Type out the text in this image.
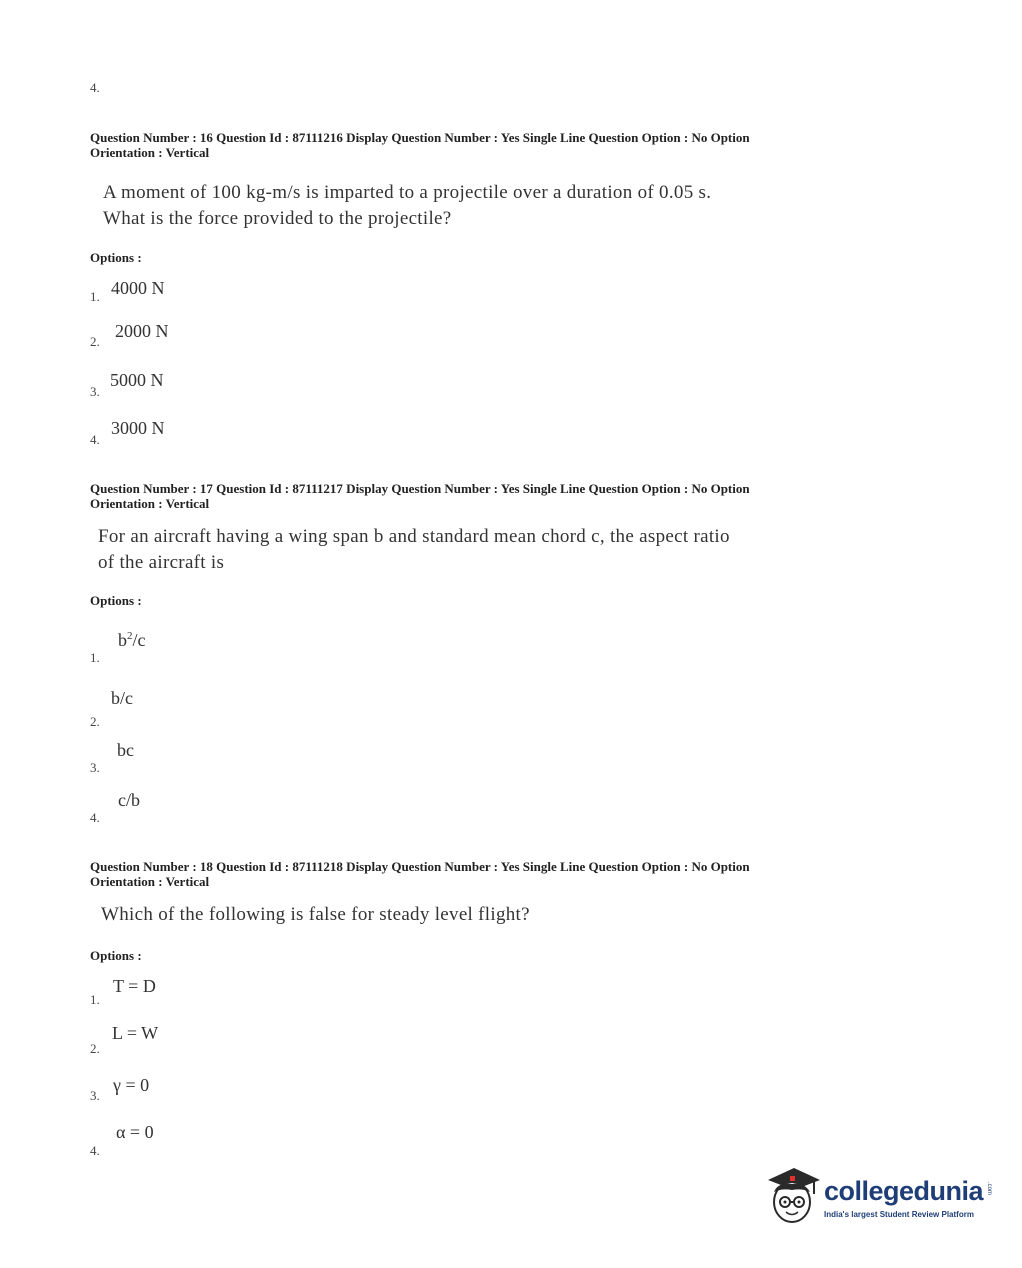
4.
Question Number : 16 Question Id : 87111216 Display Question Number : Yes Single Line Question Option : No Option
Orientation : Vertical
A moment of 100 kg-m/s is imparted to a projectile over a duration of 0.05 s.
What is the force provided to the projectile?
Options :
1. 4000 N
2.
2000 N
3.
5000 N
4.
3000 N
Question Number : 17 Question Id : 87111217 Display Question Number : Yes Single Line Question Option : No Option
Orientation : Vertical
For an aircraft having a wing span b and standard mean chord c, the aspect ratio
of the aircraft is
Options :
1.
$b^2/c$
2.
b/c
3.
bc
4.
c/b
Question Number : 18 Question Id : 87111218 Display Question Number : Yes Single Line Question Option : No Option
Orientation : Vertical
Which of the following is false for steady level flight?
Options :
1.
T = D
2.
L = W
3.
γ = 0
4.
α = 0
collegedunia .com
India's largest Student Review Platform
